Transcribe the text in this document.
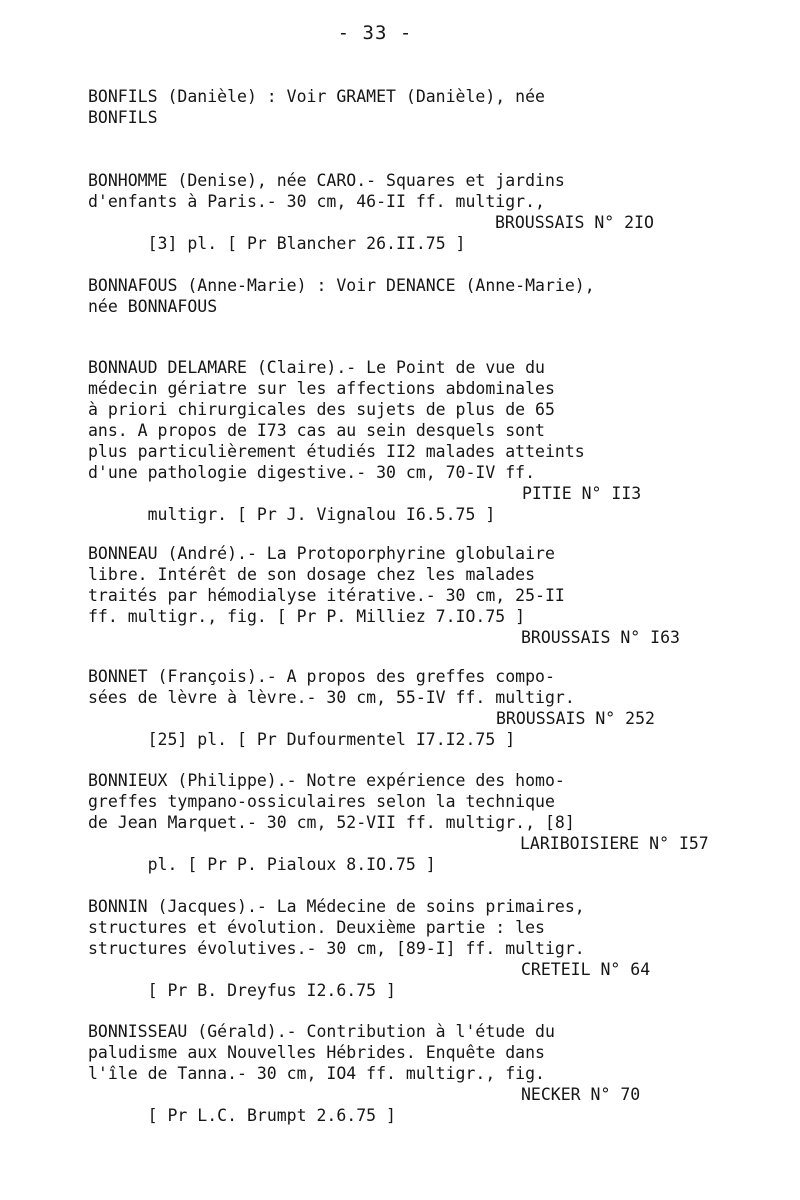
- 33 -
BONFILS (Danièle) : Voir GRAMET (Danièle), née
BONFILS
BONHOMME (Denise), née CARO.- Squares et jardins
d'enfants à Paris.- 30 cm, 46-II ff. multigr.,

[3] pl. [ Pr Blancher 26.II.75 ]

BROUSSAIS N° 2IO

BONNAFOUS (Anne-Marie) : Voir DENANCE (Anne-Marie),
née BONNAFOUS
BONNAUD DELAMARE (Claire).- Le Point de vue du
médecin gériatre sur les affections abdominales
à priori chirurgicales des sujets de plus de 65
ans. A propos de I73 cas au sein desquels sont
plus particulièrement étudiés II2 malades atteints
d'une pathologie digestive.- 30 cm, 70-IV ff.

multigr. [ Pr J. Vignalou I6.5.75 ]

PITIE N° II3

BONNEAU (André).- La Protoporphyrine globulaire
libre. Intérêt de son dosage chez les malades
traités par hémodialyse itérative.- 30 cm, 25-II
ff. multigr., fig. [ Pr P. Milliez 7.IO.75 ]

BROUSSAIS N° I63

BONNET (François).- A propos des greffes compo-
sées de lèvre à lèvre.- 30 cm, 55-IV ff. multigr.

[25] pl. [ Pr Dufourmentel I7.I2.75 ]

BROUSSAIS N° 252

BONNIEUX (Philippe).- Notre expérience des homo-
greffes tympano-ossiculaires selon la technique
de Jean Marquet.- 30 cm, 52-VII ff. multigr., [8]

pl. [ Pr P. Pialoux 8.IO.75 ]

LARIBOISIERE N° I57

BONNIN (Jacques).- La Médecine de soins primaires,
structures et évolution. Deuxième partie : les
structures évolutives.- 30 cm, [89-I] ff. multigr.

[ Pr B. Dreyfus I2.6.75 ]

CRETEIL N° 64

BONNISSEAU (Gérald).- Contribution à l'étude du
paludisme aux Nouvelles Hébrides. Enquête dans
l'île de Tanna.- 30 cm, IO4 ff. multigr., fig.

[ Pr L.C. Brumpt 2.6.75 ]

NECKER N° 70
